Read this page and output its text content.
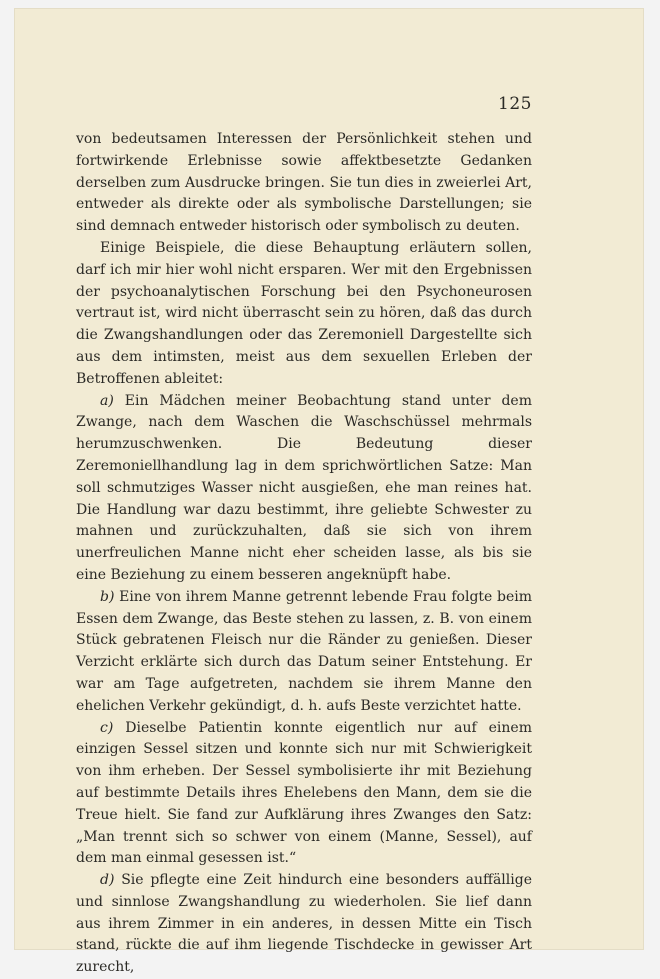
125

von bedeutsamen Interessen der Persönlichkeit stehen und fortwirkende Erlebnisse sowie affektbesetzte Gedanken derselben zum Ausdrucke bringen. Sie tun dies in zweierlei Art, entweder als direkte oder als symbolische Darstellungen; sie sind demnach entweder historisch oder symbolisch zu deuten.

Einige Beispiele, die diese Behauptung erläutern sollen, darf ich mir hier wohl nicht ersparen. Wer mit den Ergebnissen der psychoanalytischen Forschung bei den Psychoneurosen vertraut ist, wird nicht überrascht sein zu hören, daß das durch die Zwangshandlungen oder das Zeremoniell Dargestellte sich aus dem intimsten, meist aus dem sexuellen Erleben der Betroffenen ableitet:

a) Ein Mädchen meiner Beobachtung stand unter dem Zwange, nach dem Waschen die Waschschüssel mehrmals herumzuschwenken. Die Bedeutung dieser Zeremoniellhandlung lag in dem sprichwörtlichen Satze: Man soll schmutziges Wasser nicht ausgießen, ehe man reines hat. Die Handlung war dazu bestimmt, ihre geliebte Schwester zu mahnen und zurückzuhalten, daß sie sich von ihrem unerfreulichen Manne nicht eher scheiden lasse, als bis sie eine Beziehung zu einem besseren angeknüpft habe.

b) Eine von ihrem Manne getrennt lebende Frau folgte beim Essen dem Zwange, das Beste stehen zu lassen, z. B. von einem Stück gebratenen Fleisch nur die Ränder zu genießen. Dieser Verzicht erklärte sich durch das Datum seiner Entstehung. Er war am Tage aufgetreten, nachdem sie ihrem Manne den ehelichen Verkehr gekündigt, d. h. aufs Beste verzichtet hatte.

c) Dieselbe Patientin konnte eigentlich nur auf einem einzigen Sessel sitzen und konnte sich nur mit Schwierigkeit von ihm erheben. Der Sessel symbolisierte ihr mit Beziehung auf bestimmte Details ihres Ehelebens den Mann, dem sie die Treue hielt. Sie fand zur Aufklärung ihres Zwanges den Satz: „Man trennt sich so schwer von einem (Manne, Sessel), auf dem man einmal gesessen ist.“

d) Sie pflegte eine Zeit hindurch eine besonders auffällige und sinnlose Zwangshandlung zu wiederholen. Sie lief dann aus ihrem Zimmer in ein anderes, in dessen Mitte ein Tisch stand, rückte die auf ihm liegende Tischdecke in gewisser Art zurecht,
